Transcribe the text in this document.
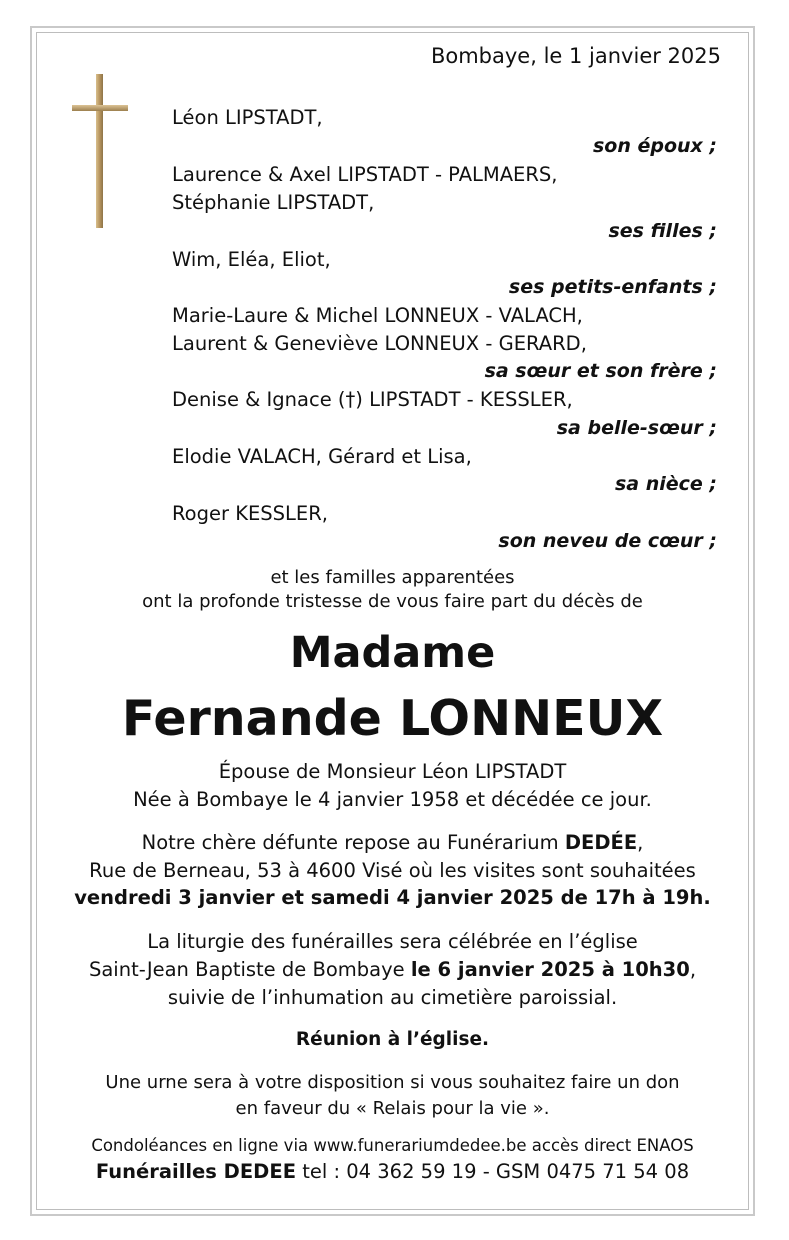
Bombaye, le 1 janvier 2025
Léon LIPSTADT,
son époux ;
Laurence & Axel LIPSTADT - PALMAERS,
Stéphanie LIPSTADT,
ses filles ;
Wim, Eléa, Eliot,
ses petits-enfants ;
Marie-Laure & Michel LONNEUX - VALACH,
Laurent & Geneviève LONNEUX - GERARD,
sa sœur et son frère ;
Denise & Ignace (†) LIPSTADT - KESSLER,
sa belle-sœur ;
Elodie VALACH, Gérard et Lisa,
sa nièce ;
Roger KESSLER,
son neveu de cœur ;
et les familles apparentées
ont la profonde tristesse de vous faire part du décès de
Madame
Fernande LONNEUX
Épouse de Monsieur Léon LIPSTADT
Née à Bombaye le 4 janvier 1958 et décédée ce jour.
Notre chère défunte repose au Funérarium DEDÉE,
Rue de Berneau, 53 à 4600 Visé où les visites sont souhaitées
vendredi 3 janvier et samedi 4 janvier 2025 de 17h à 19h.
La liturgie des funérailles sera célébrée en l’église
Saint-Jean Baptiste de Bombaye le 6 janvier 2025 à 10h30,
suivie de l’inhumation au cimetière paroissial.
Réunion à l’église.
Une urne sera à votre disposition si vous souhaitez faire un don
en faveur du « Relais pour la vie ».
Condoléances en ligne via www.funerariumdedee.be accès direct ENAOS
Funérailles DEDEE tel : 04 362 59 19 - GSM 0475 71 54 08
